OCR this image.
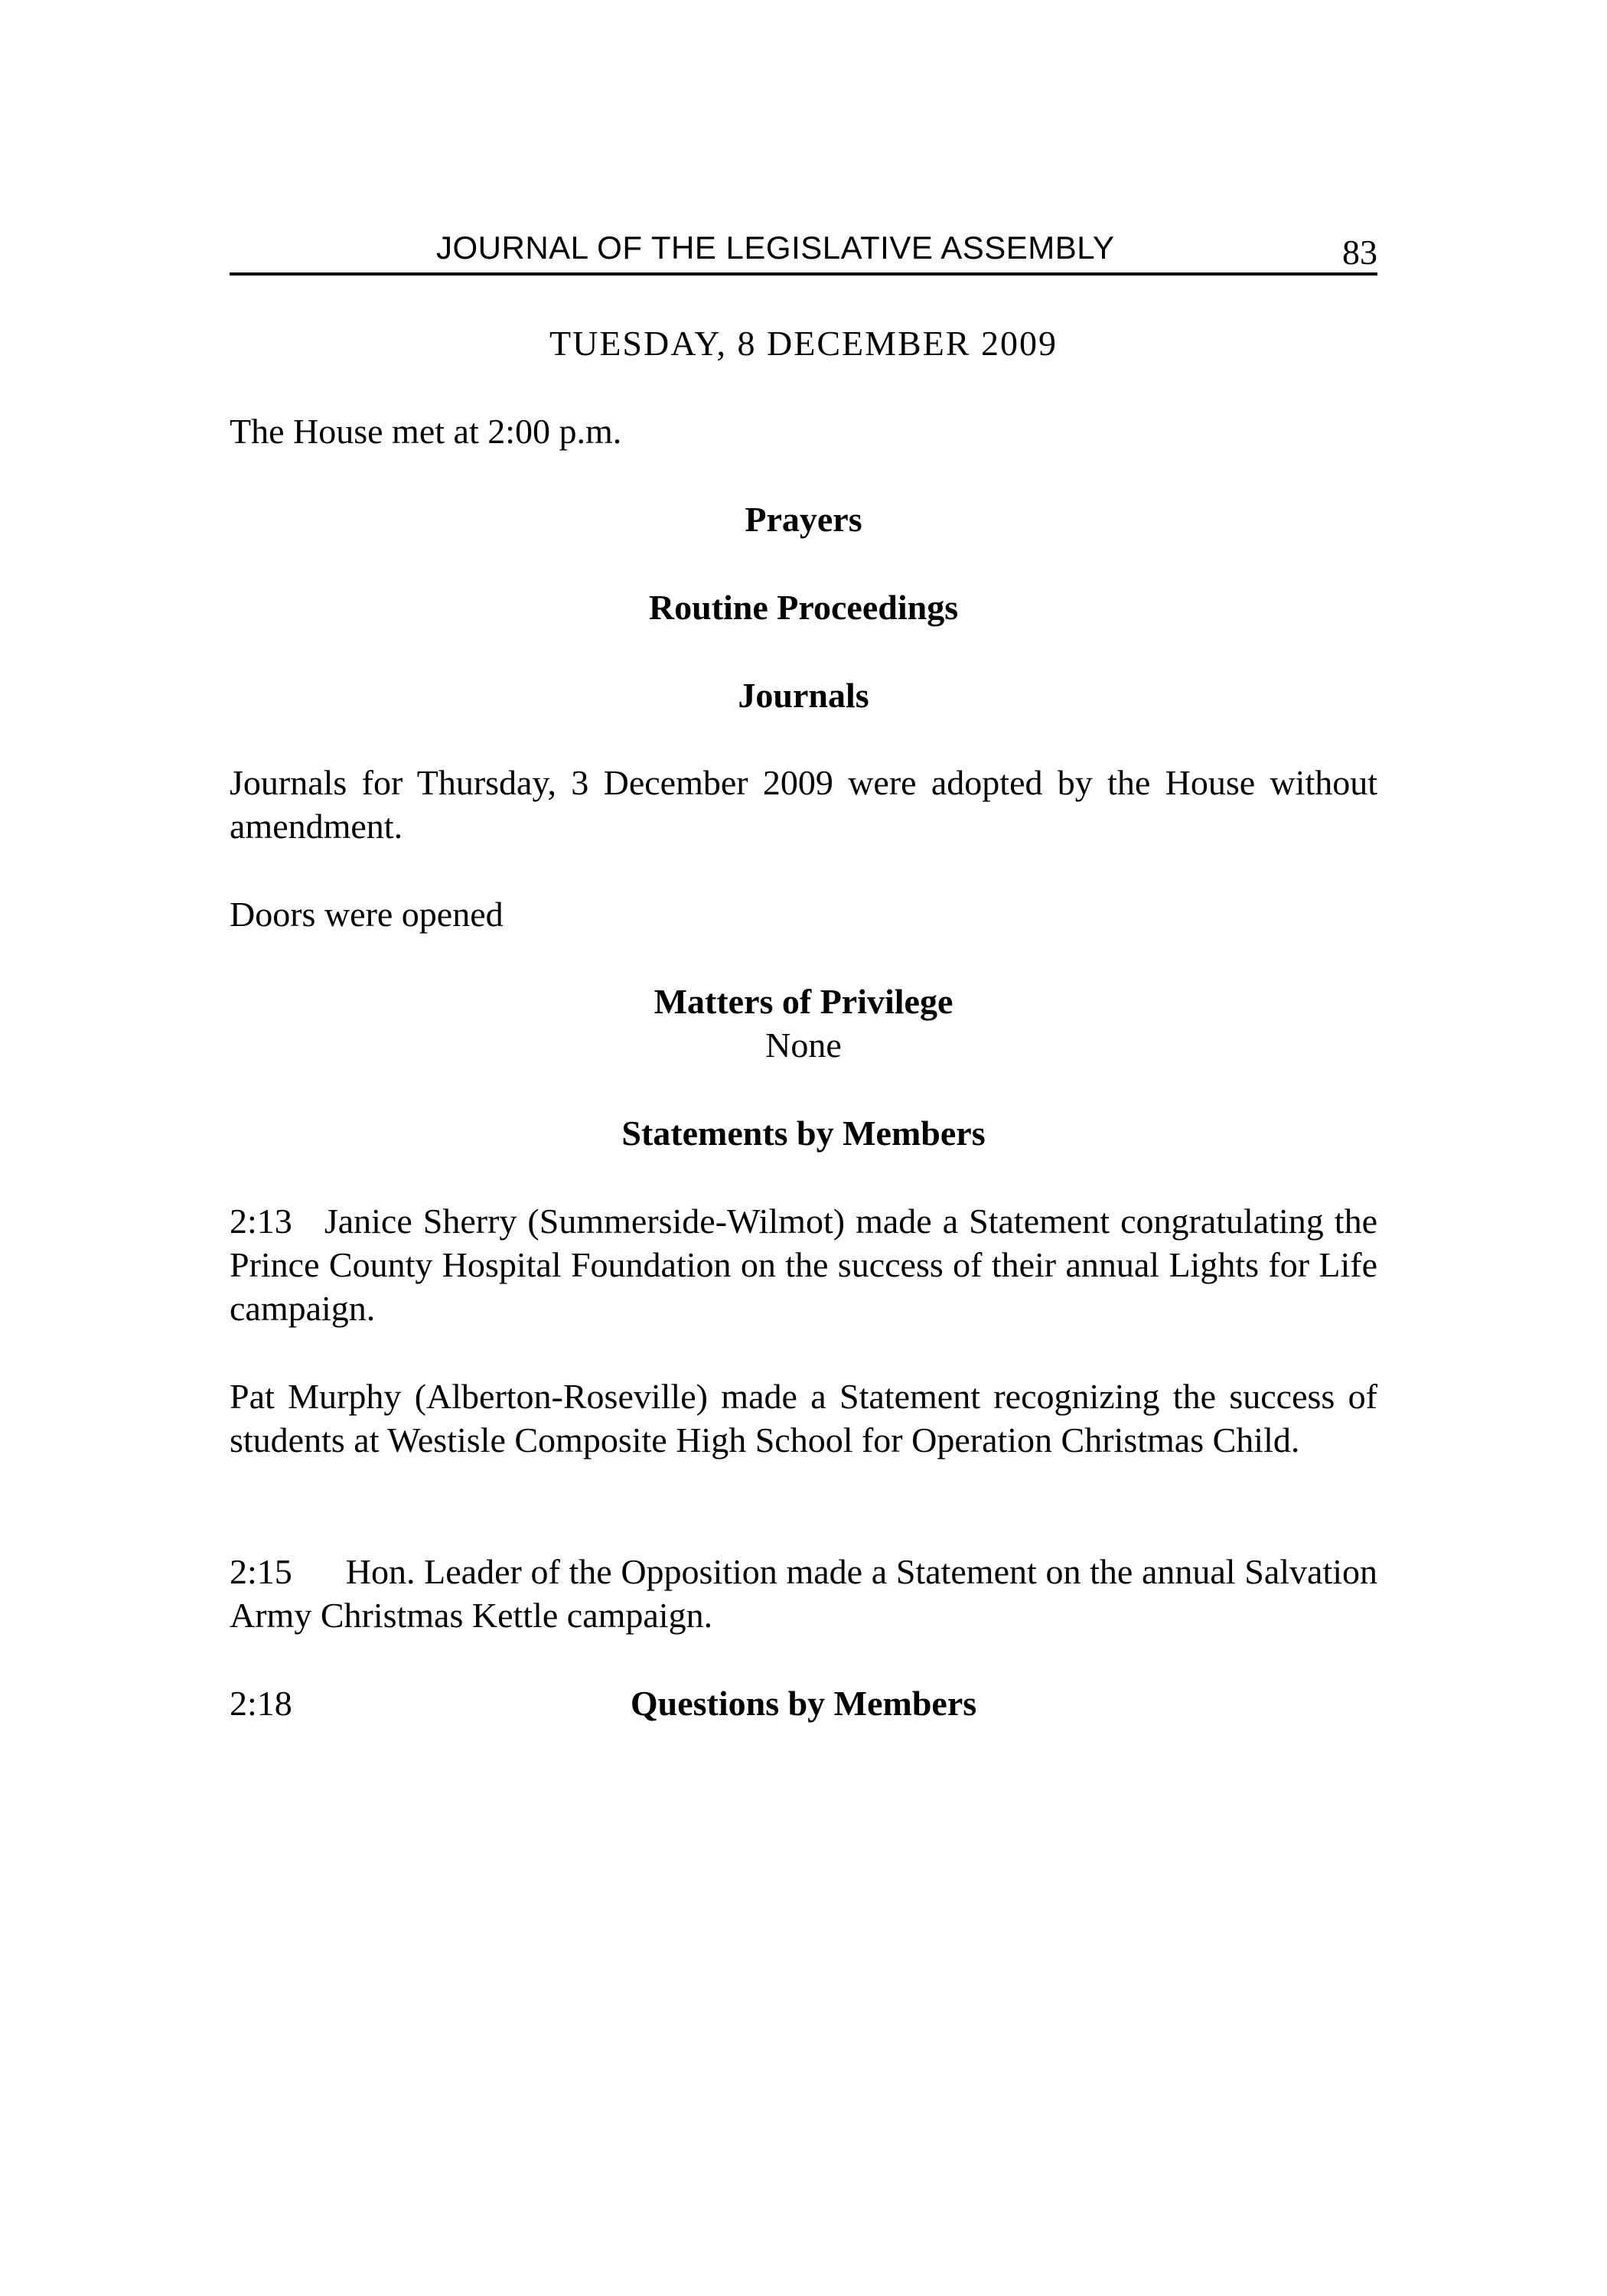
JOURNAL OF THE LEGISLATIVE ASSEMBLY	83
TUESDAY, 8 DECEMBER 2009
The House met at 2:00 p.m.
Prayers
Routine Proceedings
Journals
Journals for Thursday, 3 December 2009 were adopted by the House without amendment.
Doors were opened
Matters of Privilege
None
Statements by Members
2:13 Janice Sherry (Summerside-Wilmot) made a Statement congratulating the Prince County Hospital Foundation on the success of their annual Lights for Life campaign.
Pat Murphy (Alberton-Roseville) made a Statement recognizing the success of students at Westisle Composite High School for Operation Christmas Child.
2:15 Hon. Leader of the Opposition made a Statement on the annual Salvation Army Christmas Kettle campaign.
Questions by Members
2:18
